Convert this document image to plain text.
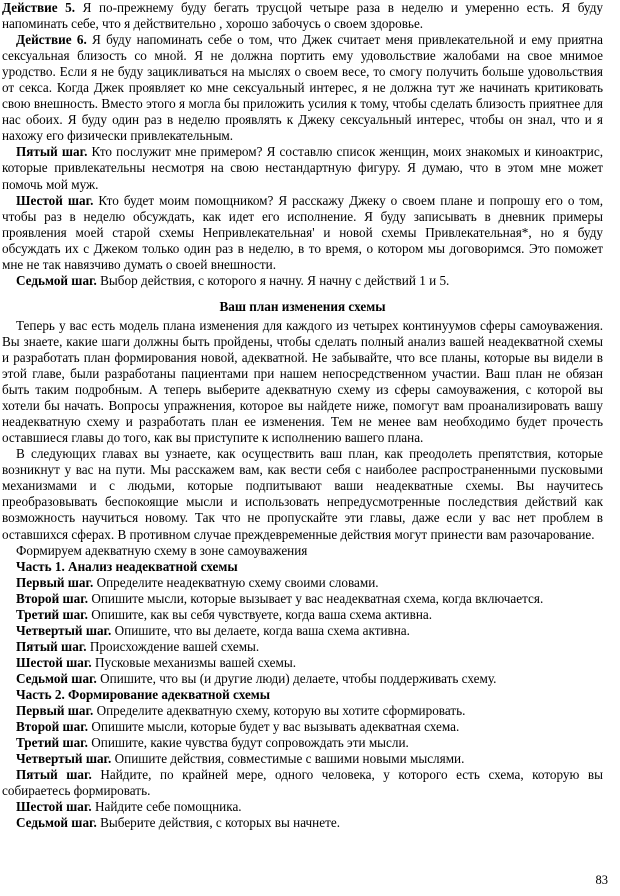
Действие 5. Я по-прежнему буду бегать трусцой четыре раза в неделю и умеренно есть. Я буду напоминать себе, что я действительно , хорошо забочусь о своем здоровье.

Действие 6. Я буду напоминать себе о том, что Джек считает меня привлекательной и ему приятна сексуальная близость со мной. Я не должна портить ему удовольствие жалобами на свое мнимое уродство. Если я не буду зацикливаться на мыслях о своем весе, то смогу получить больше удовольствия от секса. Когда Джек проявляет ко мне сексуальный интерес, я не должна тут же начинать критиковать свою внешность. Вместо этого я могла бы приложить усилия к тому, чтобы сделать близость приятнее для нас обоих. Я буду один раз в неделю проявлять к Джеку сексуальный интерес, чтобы он знал, что и я нахожу его физически привлекательным.

Пятый шаг. Кто послужит мне примером? Я составлю список женщин, моих знакомых и киноактрис, которые привлекательны несмотря на свою нестандартную фигуру. Я думаю, что в этом мне может помочь мой муж.

Шестой шаг. Кто будет моим помощником? Я расскажу Джеку о своем плане и попрошу его о том, чтобы раз в неделю обсуждать, как идет его исполнение. Я буду записывать в дневник примеры проявления моей старой схемы Непривлекательная' и новой схемы Привлекательная*, но я буду обсуждать их с Джеком только один раз в неделю, в то время, о котором мы договоримся. Это поможет мне не так навязчиво думать о своей внешности.

Седьмой шаг. Выбор действия, с которого я начну. Я начну с действий 1 и 5.

Ваш план изменения схемы

Теперь у вас есть модель плана изменения для каждого из четырех континуумов сферы самоуважения. Вы знаете, какие шаги должны быть пройдены, чтобы сделать полный анализ вашей неадекватной схемы и разработать план формирования новой, адекватной. Не забывайте, что все планы, которые вы видели в этой главе, были разработаны пациентами при нашем непосредственном участии. Ваш план не обязан быть таким подробным. А теперь выберите адекватную схему из сферы самоуважения, с которой вы хотели бы начать. Вопросы упражнения, которое вы найдете ниже, помогут вам проанализировать вашу неадекватную схему и разработать план ее изменения. Тем не менее вам необходимо будет прочесть оставшиеся главы до того, как вы приступите к исполнению вашего плана.

В следующих главах вы узнаете, как осуществить ваш план, как преодолеть препятствия, которые возникнут у вас на пути. Мы расскажем вам, как вести себя с наиболее распространенными пусковыми механизмами и с людьми, которые подпитывают ваши неадекватные схемы. Вы научитесь преобразовывать беспокоящие мысли и использовать непредусмотренные последствия действий как возможность научиться новому. Так что не пропускайте эти главы, даже если у вас нет проблем в оставшихся сферах. В противном случае преждевременные действия могут принести вам разочарование.

Формируем адекватную схему в зоне самоуважения

Часть 1. Анализ неадекватной схемы

Первый шаг. Определите неадекватную схему своими словами.

Второй шаг. Опишите мысли, которые вызывает у вас неадекватная схема, когда включается.

Третий шаг. Опишите, как вы себя чувствуете, когда ваша схема активна.

Четвертый шаг. Опишите, что вы делаете, когда ваша схема активна.

Пятый шаг. Происхождение вашей схемы.

Шестой шаг. Пусковые механизмы вашей схемы.

Седьмой шаг. Опишите, что вы (и другие люди) делаете, чтобы поддерживать схему.

Часть 2. Формирование адекватной схемы

Первый шаг. Определите адекватную схему, которую вы хотите сформировать.

Второй шаг. Опишите мысли, которые будет у вас вызывать адекватная схема.

Третий шаг. Опишите, какие чувства будут сопровождать эти мысли.

Четвертый шаг. Опишите действия, совместимые с вашими новыми мыслями.

Пятый шаг. Найдите, по крайней мере, одного человека, у которого есть схема, которую вы собираетесь формировать.

Шестой шаг. Найдите себе помощника.

Седьмой шаг. Выберите действия, с которых вы начнете.

83
